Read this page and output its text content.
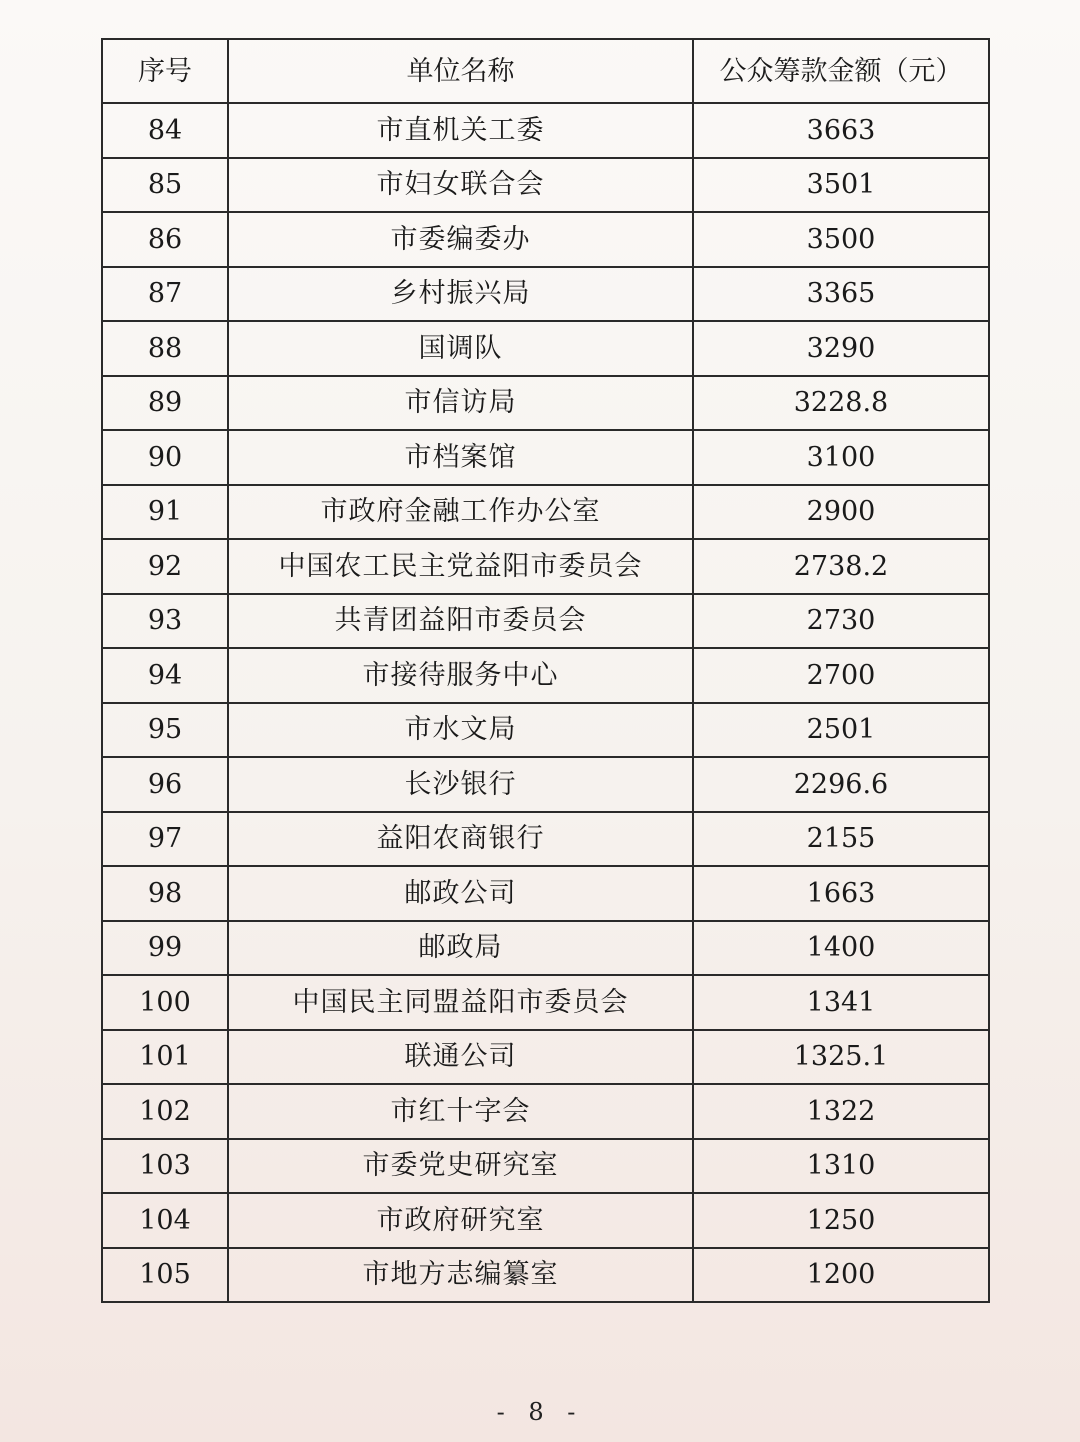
序号	单位名称	公众筹款金额（元）
84	市直机关工委	3663
85	市妇女联合会	3501
86	市委编委办	3500
87	乡村振兴局	3365
88	国调队	3290
89	市信访局	3228.8
90	市档案馆	3100
91	市政府金融工作办公室	2900
92	中国农工民主党益阳市委员会	2738.2
93	共青团益阳市委员会	2730
94	市接待服务中心	2700
95	市水文局	2501
96	长沙银行	2296.6
97	益阳农商银行	2155
98	邮政公司	1663
99	邮政局	1400
100	中国民主同盟益阳市委员会	1341
101	联通公司	1325.1
102	市红十字会	1322
103	市委党史研究室	1310
104	市政府研究室	1250
105	市地方志编纂室	1200
- 8 -
